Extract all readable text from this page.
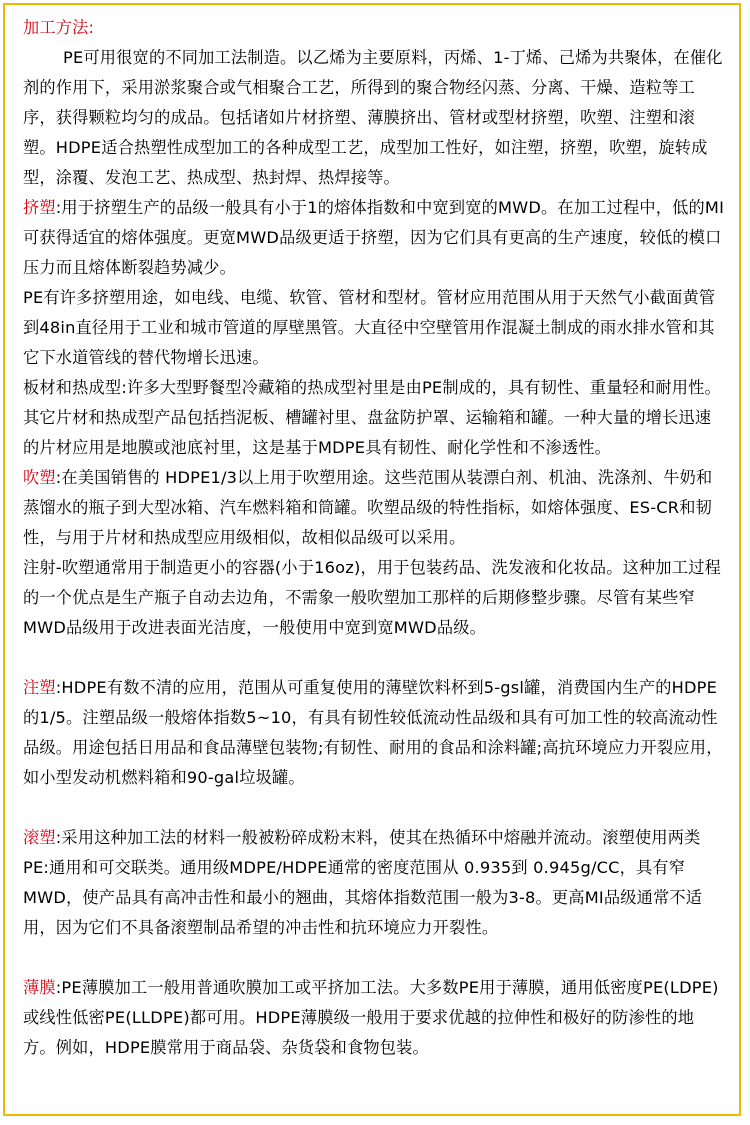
加工方法:

PE可用很宽的不同加工法制造。以乙烯为主要原料，丙烯、1-丁烯、己烯为共聚体，在催化剂的作用下，采用淤浆聚合或气相聚合工艺，所得到的聚合物经闪蒸、分离、干燥、造粒等工序，获得颗粒均匀的成品。包括诸如片材挤塑、薄膜挤出、管材或型材挤塑，吹塑、注塑和滚塑。HDPE适合热塑性成型加工的各种成型工艺，成型加工性好，如注塑，挤塑，吹塑，旋转成型，涂覆、发泡工艺、热成型、热封焊、热焊接等。

挤塑:用于挤塑生产的品级一般具有小于1的熔体指数和中宽到宽的MWD。在加工过程中，低的MI可获得适宜的熔体强度。更宽MWD品级更适于挤塑，因为它们具有更高的生产速度，较低的模口压力而且熔体断裂趋势减少。

PE有许多挤塑用途，如电线、电缆、软管、管材和型材。管材应用范围从用于天然气小截面黄管到48in直径用于工业和城市管道的厚壁黑管。大直径中空壁管用作混凝土制成的雨水排水管和其它下水道管线的替代物增长迅速。

板材和热成型:许多大型野餐型冷藏箱的热成型衬里是由PE制成的，具有韧性、重量轻和耐用性。其它片材和热成型产品包括挡泥板、槽罐衬里、盘盆防护罩、运输箱和罐。一种大量的增长迅速的片材应用是地膜或池底衬里，这是基于MDPE具有韧性、耐化学性和不渗透性。

吹塑:在美国销售的 HDPE1/3以上用于吹塑用途。这些范围从装漂白剂、机油、洗涤剂、牛奶和蒸馏水的瓶子到大型冰箱、汽车燃料箱和筒罐。吹塑品级的特性指标，如熔体强度、ES-CR和韧性，与用于片材和热成型应用级相似，故相似品级可以采用。

注射-吹塑通常用于制造更小的容器(小于16oz)，用于包装药品、洗发液和化妆品。这种加工过程的一个优点是生产瓶子自动去边角，不需象一般吹塑加工那样的后期修整步骤。尽管有某些窄MWD品级用于改进表面光洁度，一般使用中宽到宽MWD品级。

注塑:HDPE有数不清的应用，范围从可重复使用的薄壁饮料杯到5-gsl罐，消费国内生产的HDPE的1/5。注塑品级一般熔体指数5~10，有具有韧性较低流动性品级和具有可加工性的较高流动性品级。用途包括日用品和食品薄壁包装物;有韧性、耐用的食品和涂料罐;高抗环境应力开裂应用，如小型发动机燃料箱和90-gal垃圾罐。

滚塑:采用这种加工法的材料一般被粉碎成粉末料，使其在热循环中熔融并流动。滚塑使用两类PE:通用和可交联类。通用级MDPE/HDPE通常的密度范围从 0.935到 0.945g/CC，具有窄MWD，使产品具有高冲击性和最小的翘曲，其熔体指数范围一般为3-8。更高MI品级通常不适用，因为它们不具备滚塑制品希望的冲击性和抗环境应力开裂性。

薄膜:PE薄膜加工一般用普通吹膜加工或平挤加工法。大多数PE用于薄膜，通用低密度PE(LDPE)或线性低密PE(LLDPE)都可用。HDPE薄膜级一般用于要求优越的拉伸性和极好的防渗性的地方。例如，HDPE膜常用于商品袋、杂货袋和食物包装。
